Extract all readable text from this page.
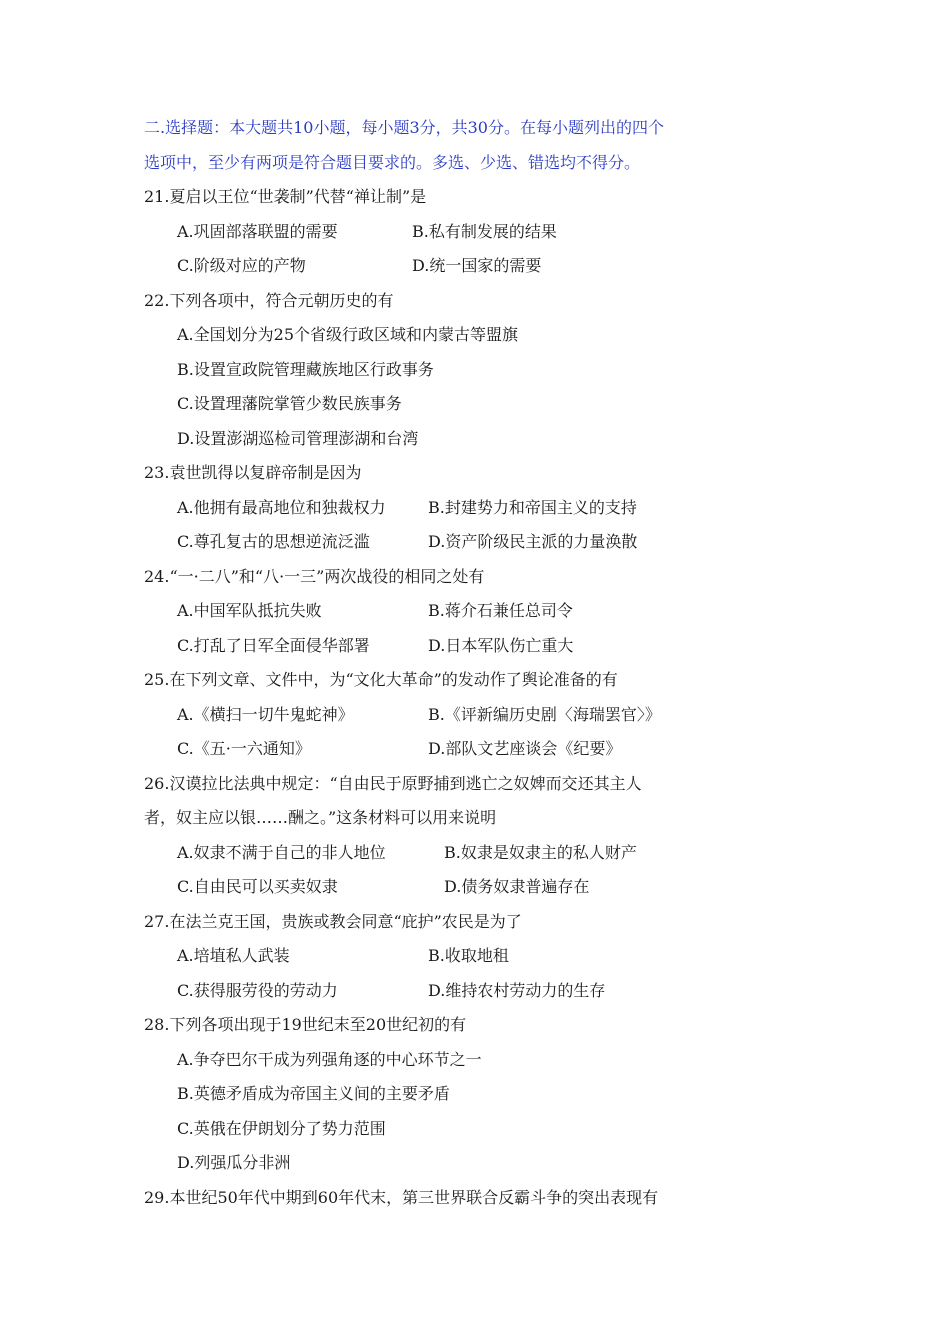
二.选择题：本大题共10小题，每小题3分，共30分。在每小题列出的四个
选项中，至少有两项是符合题目要求的。多选、少选、错选均不得分。
21.夏启以王位“世袭制”代替“禅让制”是
A.巩固部落联盟的需要	B.私有制发展的结果
C.阶级对应的产物	D.统一国家的需要
22.下列各项中，符合元朝历史的有
A.全国划分为25个省级行政区域和内蒙古等盟旗
B.设置宣政院管理藏族地区行政事务
C.设置理藩院掌管少数民族事务
D.设置澎湖巡检司管理澎湖和台湾
23.袁世凯得以复辟帝制是因为
A.他拥有最高地位和独裁权力	B.封建势力和帝国主义的支持
C.尊孔复古的思想逆流泛滥	D.资产阶级民主派的力量涣散
24.“一·二八”和“八·一三”两次战役的相同之处有
A.中国军队抵抗失败	B.蒋介石兼任总司令
C.打乱了日军全面侵华部署	D.日本军队伤亡重大
25.在下列文章、文件中，为“文化大革命”的发动作了舆论准备的有
A.《横扫一切牛鬼蛇神》	B.《评新编历史剧〈海瑞罢官〉》
C.《五·一六通知》	D.部队文艺座谈会《纪要》
26.汉谟拉比法典中规定：“自由民于原野捕到逃亡之奴婢而交还其主人
者，奴主应以银……酬之。”这条材料可以用来说明
A.奴隶不满于自己的非人地位	B.奴隶是奴隶主的私人财产
C.自由民可以买卖奴隶	D.债务奴隶普遍存在
27.在法兰克王国，贵族或教会同意“庇护”农民是为了
A.培埴私人武装	B.收取地租
C.获得服劳役的劳动力	D.维持农村劳动力的生存
28.下列各项出现于19世纪末至20世纪初的有
A.争夺巴尔干成为列强角逐的中心环节之一
B.英德矛盾成为帝国主义间的主要矛盾
C.英俄在伊朗划分了势力范围
D.列强瓜分非洲
29.本世纪50年代中期到60年代末，第三世界联合反霸斗争的突出表现有
